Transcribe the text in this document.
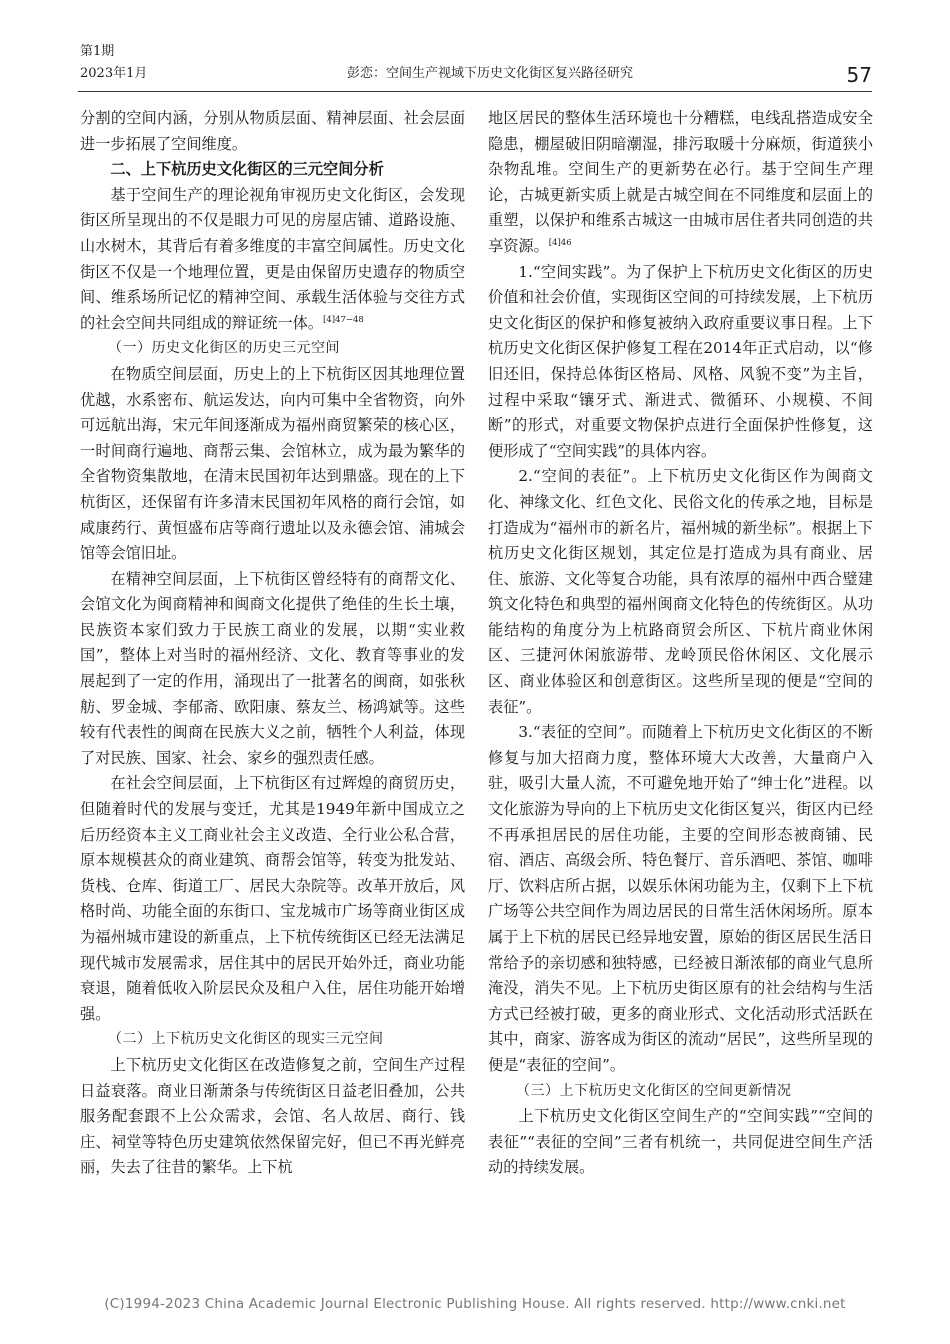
第1期
2023年1月	彭恋：空间生产视域下历史文化街区复兴路径研究	57

分割的空间内涵，分别从物质层面、精神层面、社会层面进一步拓展了空间维度。

二、上下杭历史文化街区的三元空间分析

基于空间生产的理论视角审视历史文化街区，会发现街区所呈现出的不仅是眼力可见的房屋店铺、道路设施、山水树木，其背后有着多维度的丰富空间属性。历史文化街区不仅是一个地理位置，更是由保留历史遗存的物质空间、维系场所记忆的精神空间、承载生活体验与交往方式的社会空间共同组成的辩证统一体。$^{[4]47-48}$

（一）历史文化街区的历史三元空间

在物质空间层面，历史上的上下杭街区因其地理位置优越，水系密布、航运发达，向内可集中全省物资，向外可远航出海，宋元年间逐渐成为福州商贸繁荣的核心区，一时间商行遍地、商帮云集、会馆林立，成为最为繁华的全省物资集散地，在清末民国初年达到鼎盛。现在的上下杭街区，还保留有许多清末民国初年风格的商行会馆，如咸康药行、黄恒盛布店等商行遗址以及永德会馆、浦城会馆等会馆旧址。

在精神空间层面，上下杭街区曾经特有的商帮文化、会馆文化为闽商精神和闽商文化提供了绝佳的生长土壤，民族资本家们致力于民族工商业的发展，以期“实业救国”，整体上对当时的福州经济、文化、教育等事业的发展起到了一定的作用，涌现出了一批著名的闽商，如张秋舫、罗金城、李郁斋、欧阳康、蔡友兰、杨鸿斌等。这些较有代表性的闽商在民族大义之前，牺牲个人利益，体现了对民族、国家、社会、家乡的强烈责任感。

在社会空间层面，上下杭街区有过辉煌的商贸历史，但随着时代的发展与变迁，尤其是1949年新中国成立之后历经资本主义工商业社会主义改造、全行业公私合营，原本规模甚众的商业建筑、商帮会馆等，转变为批发站、货栈、仓库、街道工厂、居民大杂院等。改革开放后，风格时尚、功能全面的东街口、宝龙城市广场等商业街区成为福州城市建设的新重点，上下杭传统街区已经无法满足现代城市发展需求，居住其中的居民开始外迁，商业功能衰退，随着低收入阶层民众及租户入住，居住功能开始增强。

（二）上下杭历史文化街区的现实三元空间

上下杭历史文化街区在改造修复之前，空间生产过程日益衰落。商业日渐萧条与传统街区日益老旧叠加，公共服务配套跟不上公众需求，会馆、名人故居、商行、钱庄、祠堂等特色历史建筑依然保留完好，但已不再光鲜亮丽，失去了往昔的繁华。上下杭

地区居民的整体生活环境也十分糟糕，电线乱搭造成安全隐患，棚屋破旧阴暗潮湿，排污取暖十分麻烦，街道狭小杂物乱堆。空间生产的更新势在必行。基于空间生产理论，古城更新实质上就是古城空间在不同维度和层面上的重塑，以保护和维系古城这一由城市居住者共同创造的共享资源。$^{[4]46}$

1.“空间实践”。为了保护上下杭历史文化街区的历史价值和社会价值，实现街区空间的可持续发展，上下杭历史文化街区的保护和修复被纳入政府重要议事日程。上下杭历史文化街区保护修复工程在2014年正式启动，以“修旧还旧，保持总体街区格局、风格、风貌不变”为主旨，过程中采取“镶牙式、渐进式、微循环、小规模、不间断”的形式，对重要文物保护点进行全面保护性修复，这便形成了“空间实践”的具体内容。

2.“空间的表征”。上下杭历史文化街区作为闽商文化、神缘文化、红色文化、民俗文化的传承之地，目标是打造成为“福州市的新名片，福州城的新坐标”。根据上下杭历史文化街区规划，其定位是打造成为具有商业、居住、旅游、文化等复合功能，具有浓厚的福州中西合璧建筑文化特色和典型的福州闽商文化特色的传统街区。从功能结构的角度分为上杭路商贸会所区、下杭片商业休闲区、三捷河休闲旅游带、龙岭顶民俗休闲区、文化展示区、商业体验区和创意街区。这些所呈现的便是“空间的表征”。

3.“表征的空间”。而随着上下杭历史文化街区的不断修复与加大招商力度，整体环境大大改善，大量商户入驻，吸引大量人流，不可避免地开始了“绅士化”进程。以文化旅游为导向的上下杭历史文化街区复兴，街区内已经不再承担居民的居住功能，主要的空间形态被商铺、民宿、酒店、高级会所、特色餐厅、音乐酒吧、茶馆、咖啡厅、饮料店所占据，以娱乐休闲功能为主，仅剩下上下杭广场等公共空间作为周边居民的日常生活休闲场所。原本属于上下杭的居民已经异地安置，原始的街区居民生活日常给予的亲切感和独特感，已经被日渐浓郁的商业气息所淹没，消失不见。上下杭历史街区原有的社会结构与生活方式已经被打破，更多的商业形式、文化活动形式活跃在其中，商家、游客成为街区的流动“居民”，这些所呈现的便是“表征的空间”。

（三）上下杭历史文化街区的空间更新情况

上下杭历史文化街区空间生产的“空间实践”“空间的表征”“表征的空间”三者有机统一，共同促进空间生产活动的持续发展。

(C)1994-2023 China Academic Journal Electronic Publishing House. All rights reserved. http://www.cnki.net
